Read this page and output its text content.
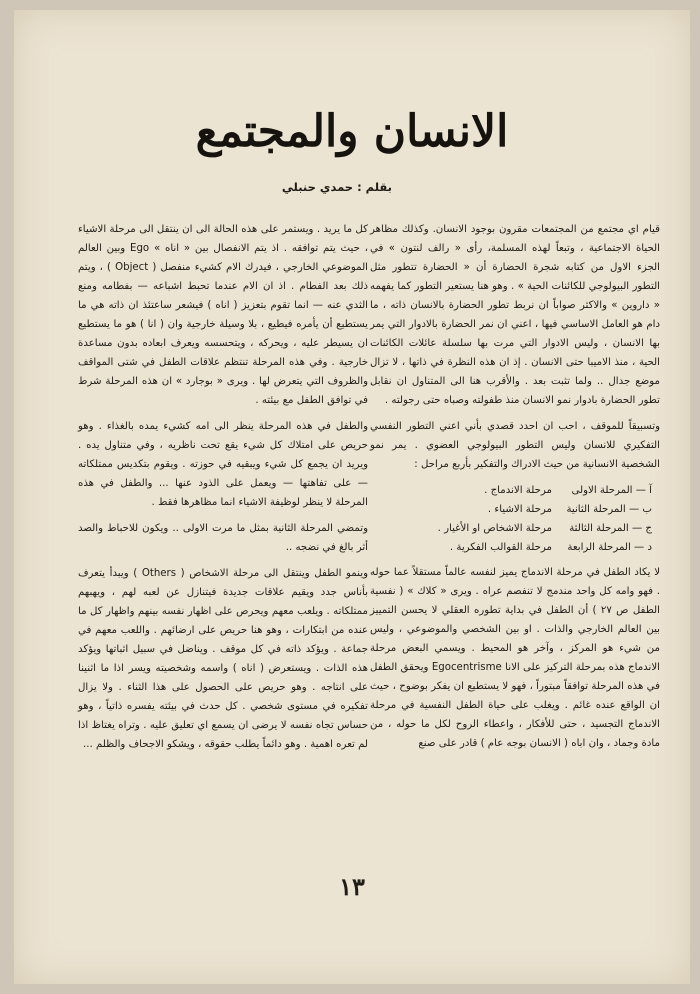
الانسان والمجتمع
بقلم : حمدي حنبلي

قيام اي مجتمع من المجتمعات مقرون بوجود الانسان. وكذلك مظاهر الحياة الاجتماعية ، وتبعاً لهذه المسلمة، رأى « رالف لنتون » في الجزء الاول من كتابه شجرة الحضارة أن « الحضارة تتطور مثل التطور البيولوجي للكائنات الحية » . وهو هنا يستعير التطور كما يفهمه « داروين » والاكثر صواباً ان نربط تطور الحضارة بالانسان ذاته ، ما دام هو العامل الاساسي فيها ، اعني ان نمر الحضارة بالادوار التي يمر بها الانسان ، وليس الادوار التي مرت بها سلسلة عائلات الكائنات الحية ، منذ الاميبا حتى الانسان . إذ ان هذه النظرة في ذاتها ، لا تزال موضع جدال .. ولما تثبت بعد . والأقرب هنا الى المتناول ان نقابل تطور الحضارة بادوار نمو الانسان منذ طفولته وصباه حتى رجولته .

وتسبيقاً للموقف ، احب ان احدد قصدي بأني اعني التطور النفسي التفكيري للانسان وليس التطور البيولوجي العضوي . يمر نمو الشخصية الانسانية من حيث الادراك والتفكير بأربع مراحل :

آ — المرحلة الاولى
مرحلة الاندماج .
ب — المرحلة الثانية
مرحلة الاشياء .
ج — المرحلة الثالثة
مرحلة الاشخاص او الأغيار .
د — المرحلة الرابعة
مرحلة القوالب الفكرية .

لا يكاد الطفل في مرحلة الاندماج يميز لنفسه عالماً مستقلاً عما حوله . فهو وامه كل واحد مندمج لا تنفصم عراه . ويرى « كلاك » ( نفسية الطفل ص ٢٧ ) أن الطفل في بداية تطوره العقلي لا يحسن التمييز بين العالم الخارجي والذات . او بين الشخصي والموضوعي ، وليس من شيء هو المركز ، وآخر هو المحيط . ويسمي البعض مرحلة الاندماج هذه بمرحلة التركيز على الانا Egocentrisme ويحقق الطفل في هذه المرحلة توافقاً مبتوراً ، فهو لا يستطيع ان يفكر بوضوح ، حيث ان الواقع عنده غائم . ويغلب على حياة الطفل النفسية في مرحلة الاندماج التجسيد ، حتى للأفكار ، واعطاء الروح لكل ما حوله ، من مادة وجماد ، وان اباه ( الانسان بوجه عام ) قادر على صنع

كل ما يريد . ويستمر على هذه الحالة الى ان ينتقل الى مرحلة الاشياء ، حيث يتم توافقه . اذ يتم الانفصال بين « اناه » Ego وبين العالم الموضوعي الخارجي ، فيدرك الام كشيء منفصل ( Object ) ، ويتم ذلك بعد الفطام . اذ ان الام عندما تحبط اشباعه — بفطامه ومنع الثدي عنه — انما تقوم بتعزيز ( اناه ) فيشعر ساعتئذ ان ذاته هي ما يستطيع أن يأمره فيطيع ، بلا وسيلة خارجية وان ( انا ) هو ما يستطيع ان يسيطر عليه ، ويحركه ، ويتحسسه ويعرف ابعاده بدون مساعدة خارجية . وفي هذه المرحلة تنتظم علاقات الطفل في شتى المواقف والظروف التي يتعرض لها . ويرى « بوجارد » ان هذه المرحلة شرط في توافق الطفل مع بيئته .

والطفل في هذه المرحلة ينظر الى امه كشيء يمده بالغذاء . وهو حريص على امتلاك كل شيء يقع تحت ناظريه ، وفي متناول يده . ويريد ان يجمع كل شيء ويبقيه في حوزته . ويقوم بتكديس ممتلكاته — على تفاهتها — ويعمل على الذود عنها ... والطفل في هذه المرحلة لا ينظر لوظيفة الاشياء انما مظاهرها فقط .

وتمضي المرحلة الثانية بمثل ما مرت الاولى .. ويكون للاحباط والصد أثر بالغ في نضجه ..

وينمو الطفل وينتقل الى مرحلة الاشخاص ( Others ) ويبدأ يتعرف بأناس جدد ويقيم علاقات جديدة فيتنازل عن لعبه لهم ، ويهبهم ممتلكاته . ويلعب معهم ويحرص على اظهار نفسه بينهم واظهار كل ما عنده من ابتكارات ، وهو هنا حريص على ارضائهم . واللعب معهم في جماعة . ويؤكد ذاته في كل موقف . ويناضل في سبيل اثباتها ويؤكد هذه الذات . ويستعرض ( اناه ) واسمه وشخصيته ويسر اذا ما اثنينا على انتاجه . وهو حريص على الحصول على هذا الثناء . ولا يزال تفكيره في مستوى شخصي . كل حدث في بيئته يفسره ذاتياً ، وهو حساس تجاه نفسه لا يرضى ان يسمع اي تعليق عليه . وتراه يغتاظ اذا لم تعره اهمية . وهو دائماً يطلب حقوقه ، ويشكو الاجحاف والظلم ...

١٣
